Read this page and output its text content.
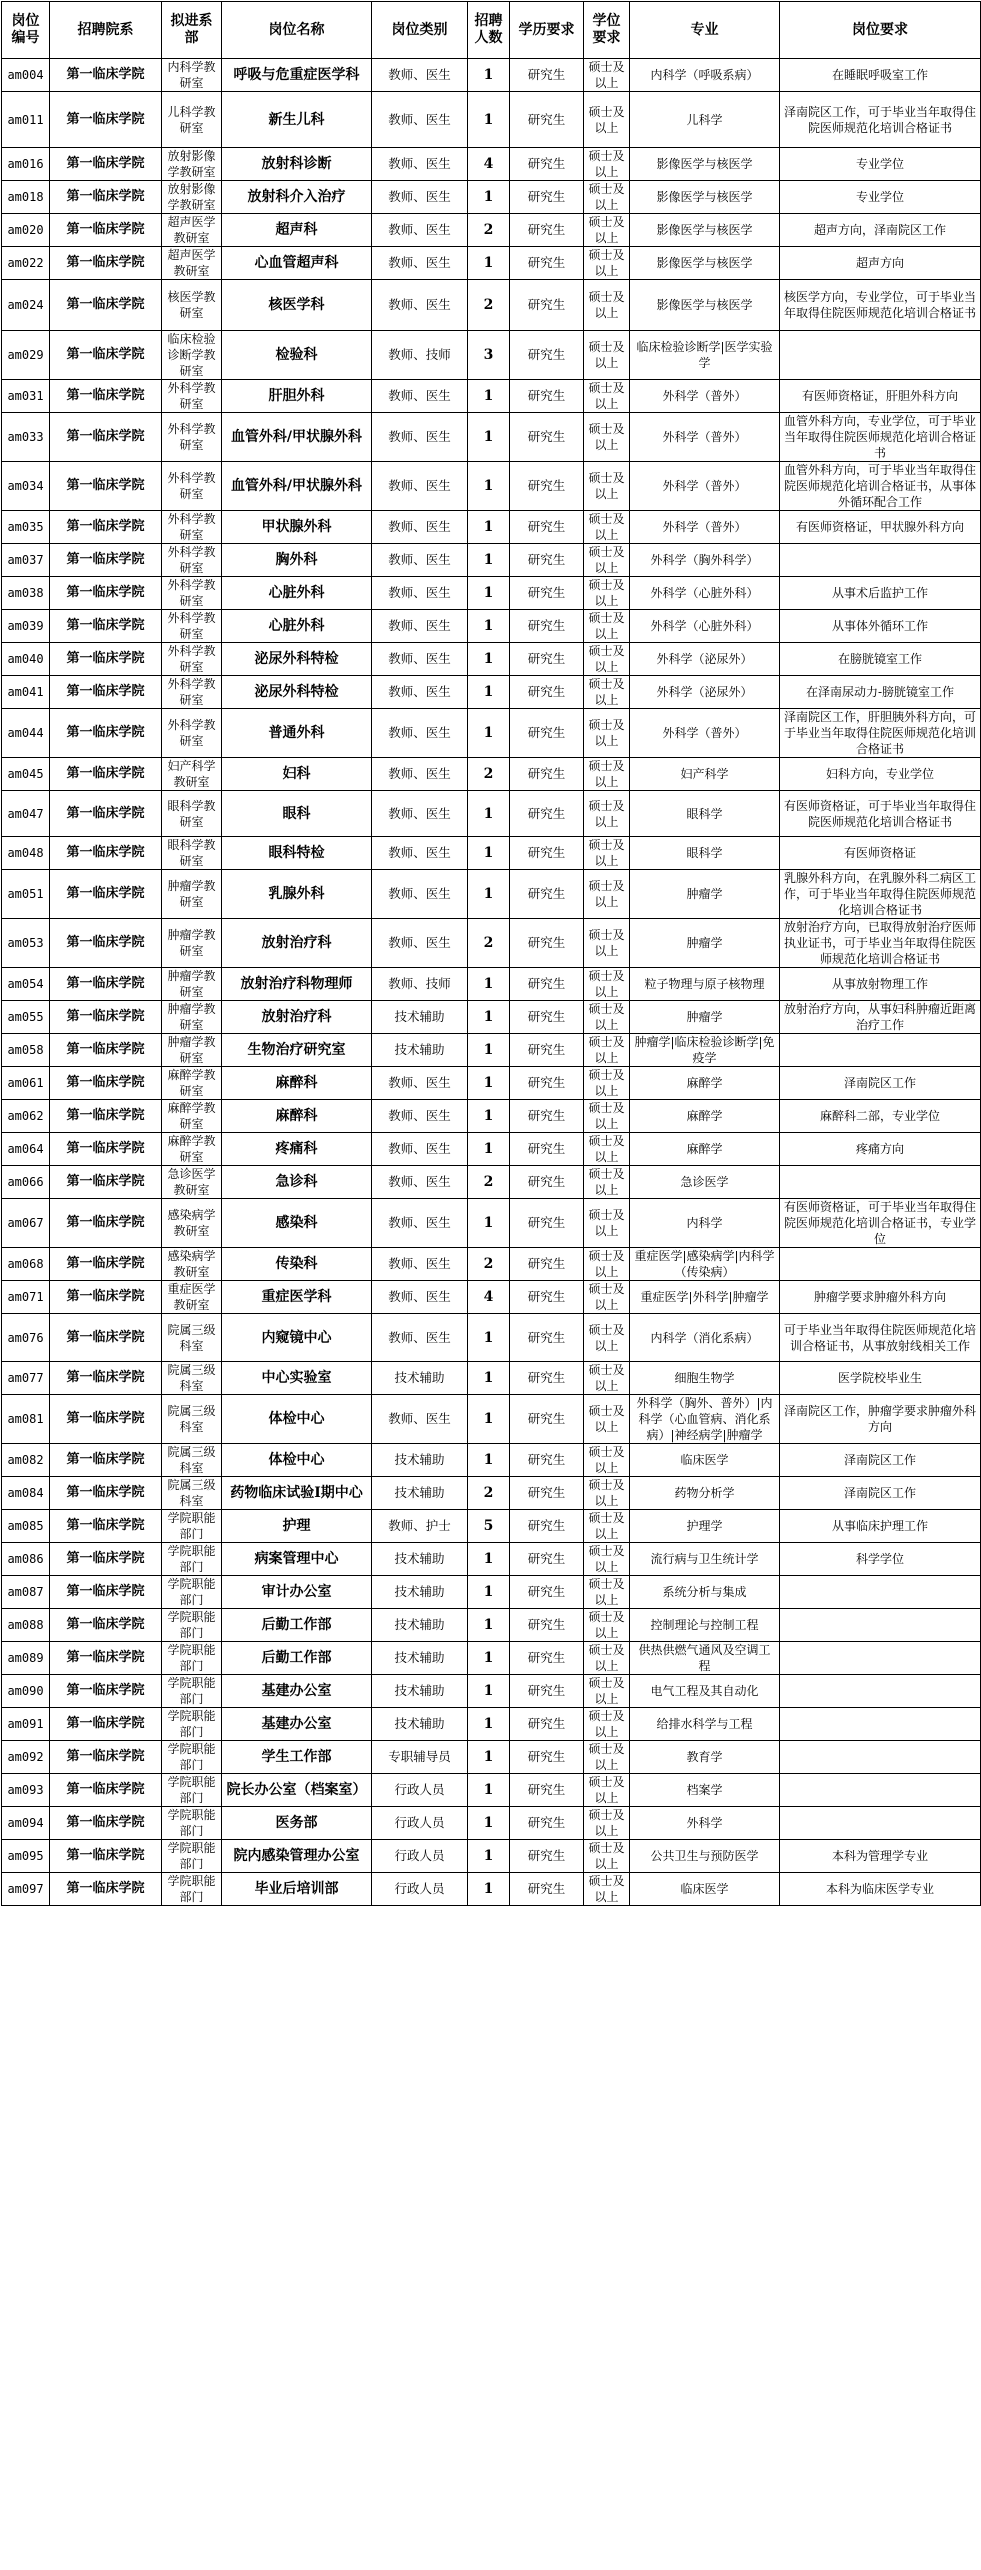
岗位编号	招聘院系	拟进系部	岗位名称	岗位类别	招聘人数	学历要求	学位要求	专业	岗位要求
am004	第一临床学院	内科学教研室	呼吸与危重症医学科	教师、医生	1	研究生	硕士及以上	内科学（呼吸系病）	在睡眠呼吸室工作
am011	第一临床学院	儿科学教研室	新生儿科	教师、医生	1	研究生	硕士及以上	儿科学	泽南院区工作，可于毕业当年取得住院医师规范化培训合格证书
am016	第一临床学院	放射影像学教研室	放射科诊断	教师、医生	4	研究生	硕士及以上	影像医学与核医学	专业学位
am018	第一临床学院	放射影像学教研室	放射科介入治疗	教师、医生	1	研究生	硕士及以上	影像医学与核医学	专业学位
am020	第一临床学院	超声医学教研室	超声科	教师、医生	2	研究生	硕士及以上	影像医学与核医学	超声方向，泽南院区工作
am022	第一临床学院	超声医学教研室	心血管超声科	教师、医生	1	研究生	硕士及以上	影像医学与核医学	超声方向
am024	第一临床学院	核医学教研室	核医学科	教师、医生	2	研究生	硕士及以上	影像医学与核医学	核医学方向，专业学位，可于毕业当年取得住院医师规范化培训合格证书
am029	第一临床学院	临床检验诊断学教研室	检验科	教师、技师	3	研究生	硕士及以上	临床检验诊断学|医学实验学	
am031	第一临床学院	外科学教研室	肝胆外科	教师、医生	1	研究生	硕士及以上	外科学（普外）	有医师资格证，肝胆外科方向
am033	第一临床学院	外科学教研室	血管外科/甲状腺外科	教师、医生	1	研究生	硕士及以上	外科学（普外）	血管外科方向，专业学位，可于毕业当年取得住院医师规范化培训合格证书
am034	第一临床学院	外科学教研室	血管外科/甲状腺外科	教师、医生	1	研究生	硕士及以上	外科学（普外）	血管外科方向，可于毕业当年取得住院医师规范化培训合格证书，从事体外循环配合工作
am035	第一临床学院	外科学教研室	甲状腺外科	教师、医生	1	研究生	硕士及以上	外科学（普外）	有医师资格证，甲状腺外科方向
am037	第一临床学院	外科学教研室	胸外科	教师、医生	1	研究生	硕士及以上	外科学（胸外科学）	
am038	第一临床学院	外科学教研室	心脏外科	教师、医生	1	研究生	硕士及以上	外科学（心脏外科）	从事术后监护工作
am039	第一临床学院	外科学教研室	心脏外科	教师、医生	1	研究生	硕士及以上	外科学（心脏外科）	从事体外循环工作
am040	第一临床学院	外科学教研室	泌尿外科特检	教师、医生	1	研究生	硕士及以上	外科学（泌尿外）	在膀胱镜室工作
am041	第一临床学院	外科学教研室	泌尿外科特检	教师、医生	1	研究生	硕士及以上	外科学（泌尿外）	在泽南尿动力-膀胱镜室工作
am044	第一临床学院	外科学教研室	普通外科	教师、医生	1	研究生	硕士及以上	外科学（普外）	泽南院区工作，肝胆胰外科方向，可于毕业当年取得住院医师规范化培训合格证书
am045	第一临床学院	妇产科学教研室	妇科	教师、医生	2	研究生	硕士及以上	妇产科学	妇科方向，专业学位
am047	第一临床学院	眼科学教研室	眼科	教师、医生	1	研究生	硕士及以上	眼科学	有医师资格证，可于毕业当年取得住院医师规范化培训合格证书
am048	第一临床学院	眼科学教研室	眼科特检	教师、医生	1	研究生	硕士及以上	眼科学	有医师资格证
am051	第一临床学院	肿瘤学教研室	乳腺外科	教师、医生	1	研究生	硕士及以上	肿瘤学	乳腺外科方向，在乳腺外科二病区工作，可于毕业当年取得住院医师规范化培训合格证书
am053	第一临床学院	肿瘤学教研室	放射治疗科	教师、医生	2	研究生	硕士及以上	肿瘤学	放射治疗方向，已取得放射治疗医师执业证书，可于毕业当年取得住院医师规范化培训合格证书
am054	第一临床学院	肿瘤学教研室	放射治疗科物理师	教师、技师	1	研究生	硕士及以上	粒子物理与原子核物理	从事放射物理工作
am055	第一临床学院	肿瘤学教研室	放射治疗科	技术辅助	1	研究生	硕士及以上	肿瘤学	放射治疗方向，从事妇科肿瘤近距离治疗工作
am058	第一临床学院	肿瘤学教研室	生物治疗研究室	技术辅助	1	研究生	硕士及以上	肿瘤学|临床检验诊断学|免疫学	
am061	第一临床学院	麻醉学教研室	麻醉科	教师、医生	1	研究生	硕士及以上	麻醉学	泽南院区工作
am062	第一临床学院	麻醉学教研室	麻醉科	教师、医生	1	研究生	硕士及以上	麻醉学	麻醉科二部，专业学位
am064	第一临床学院	麻醉学教研室	疼痛科	教师、医生	1	研究生	硕士及以上	麻醉学	疼痛方向
am066	第一临床学院	急诊医学教研室	急诊科	教师、医生	2	研究生	硕士及以上	急诊医学	
am067	第一临床学院	感染病学教研室	感染科	教师、医生	1	研究生	硕士及以上	内科学	有医师资格证，可于毕业当年取得住院医师规范化培训合格证书，专业学位
am068	第一临床学院	感染病学教研室	传染科	教师、医生	2	研究生	硕士及以上	重症医学|感染病学|内科学（传染病）	
am071	第一临床学院	重症医学教研室	重症医学科	教师、医生	4	研究生	硕士及以上	重症医学|外科学|肿瘤学	肿瘤学要求肿瘤外科方向
am076	第一临床学院	院属三级科室	内窥镜中心	教师、医生	1	研究生	硕士及以上	内科学（消化系病）	可于毕业当年取得住院医师规范化培训合格证书，从事放射线相关工作
am077	第一临床学院	院属三级科室	中心实验室	技术辅助	1	研究生	硕士及以上	细胞生物学	医学院校毕业生
am081	第一临床学院	院属三级科室	体检中心	教师、医生	1	研究生	硕士及以上	外科学（胸外、普外）|内科学（心血管病、消化系病）|神经病学|肿瘤学	泽南院区工作，肿瘤学要求肿瘤外科方向
am082	第一临床学院	院属三级科室	体检中心	技术辅助	1	研究生	硕士及以上	临床医学	泽南院区工作
am084	第一临床学院	院属三级科室	药物临床试验I期中心	技术辅助	2	研究生	硕士及以上	药物分析学	泽南院区工作
am085	第一临床学院	学院职能部门	护理	教师、护士	5	研究生	硕士及以上	护理学	从事临床护理工作
am086	第一临床学院	学院职能部门	病案管理中心	技术辅助	1	研究生	硕士及以上	流行病与卫生统计学	科学学位
am087	第一临床学院	学院职能部门	审计办公室	技术辅助	1	研究生	硕士及以上	系统分析与集成	
am088	第一临床学院	学院职能部门	后勤工作部	技术辅助	1	研究生	硕士及以上	控制理论与控制工程	
am089	第一临床学院	学院职能部门	后勤工作部	技术辅助	1	研究生	硕士及以上	供热供燃气通风及空调工程	
am090	第一临床学院	学院职能部门	基建办公室	技术辅助	1	研究生	硕士及以上	电气工程及其自动化	
am091	第一临床学院	学院职能部门	基建办公室	技术辅助	1	研究生	硕士及以上	给排水科学与工程	
am092	第一临床学院	学院职能部门	学生工作部	专职辅导员	1	研究生	硕士及以上	教育学	
am093	第一临床学院	学院职能部门	院长办公室（档案室）	行政人员	1	研究生	硕士及以上	档案学	
am094	第一临床学院	学院职能部门	医务部	行政人员	1	研究生	硕士及以上	外科学	
am095	第一临床学院	学院职能部门	院内感染管理办公室	行政人员	1	研究生	硕士及以上	公共卫生与预防医学	本科为管理学专业
am097	第一临床学院	学院职能部门	毕业后培训部	行政人员	1	研究生	硕士及以上	临床医学	本科为临床医学专业
